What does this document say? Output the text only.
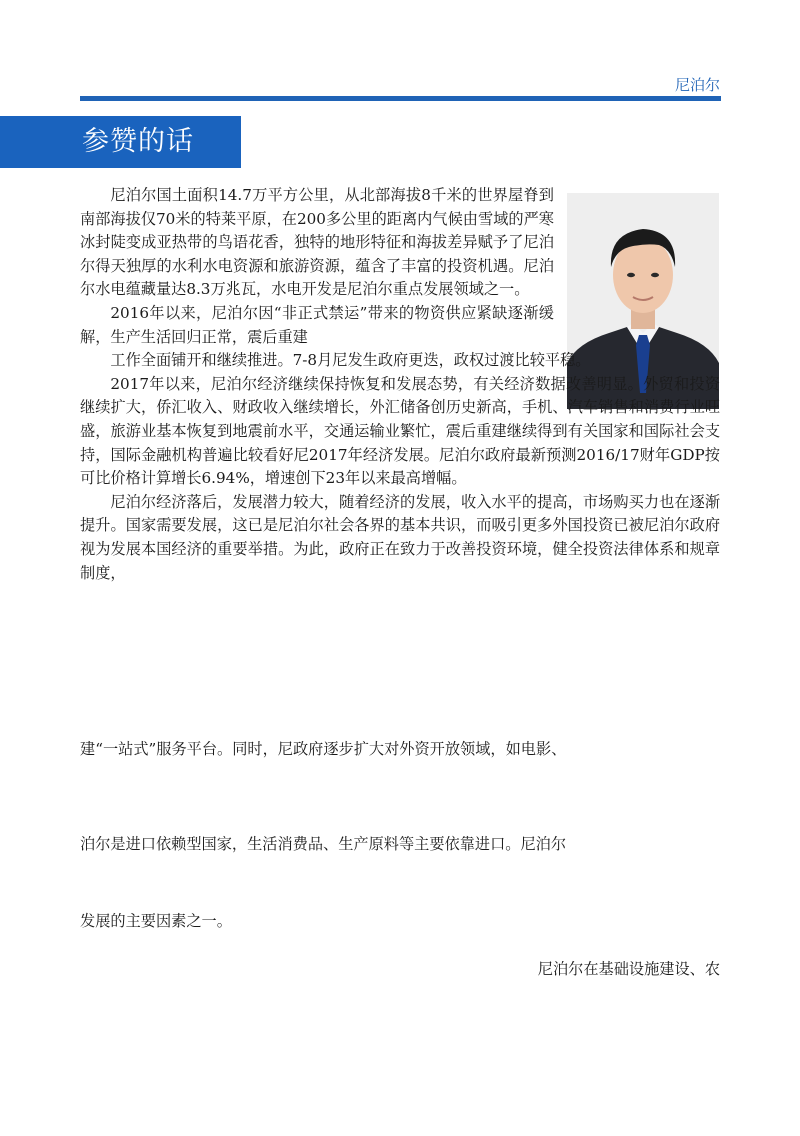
尼泊尔
参赞的话

尼泊尔国土面积14.7万平方公里，从北部海拔8千米的世界屋脊到南部海拔仅70米的特莱平原，在200多公里的距离内气候由雪域的严寒冰封陡变成亚热带的鸟语花香，独特的地形特征和海拔差异赋予了尼泊尔得天独厚的水利水电资源和旅游资源，蕴含了丰富的投资机遇。尼泊尔水电蕴藏量达8.3万兆瓦，水电开发是尼泊尔重点发展领域之一。

2016年以来，尼泊尔因“非正式禁运”带来的物资供应紧缺逐渐缓解，生产生活回归正常，震后重建

工作全面铺开和继续推进。7-8月尼发生政府更迭，政权过渡比较平稳。

2017年以来，尼泊尔经济继续保持恢复和发展态势，有关经济数据改善明显。外贸和投资继续扩大，侨汇收入、财政收入继续增长，外汇储备创历史新高，手机、汽车销售和消费行业旺盛，旅游业基本恢复到地震前水平，交通运输业繁忙，震后重建继续得到有关国家和国际社会支持，国际金融机构普遍比较看好尼2017年经济发展。尼泊尔政府最新预测2016/17财年GDP按可比价格计算增长6.94%，增速创下23年以来最高增幅。

尼泊尔经济落后，发展潜力较大，随着经济的发展，收入水平的提高，市场购买力也在逐渐提升。国家需要发展，这已是尼泊尔社会各界的基本共识，而吸引更多外国投资已被尼泊尔政府视为发展本国经济的重要举措。为此，政府正在致力于改善投资环境，健全投资法律体系和规章制度，

建“一站式”服务平台。同时，尼政府逐步扩大对外资开放领域，如电影、
泊尔是进口依赖型国家，生活消费品、生产原料等主要依靠进口。尼泊尔
发展的主要因素之一。
尼泊尔在基础设施建设、农
